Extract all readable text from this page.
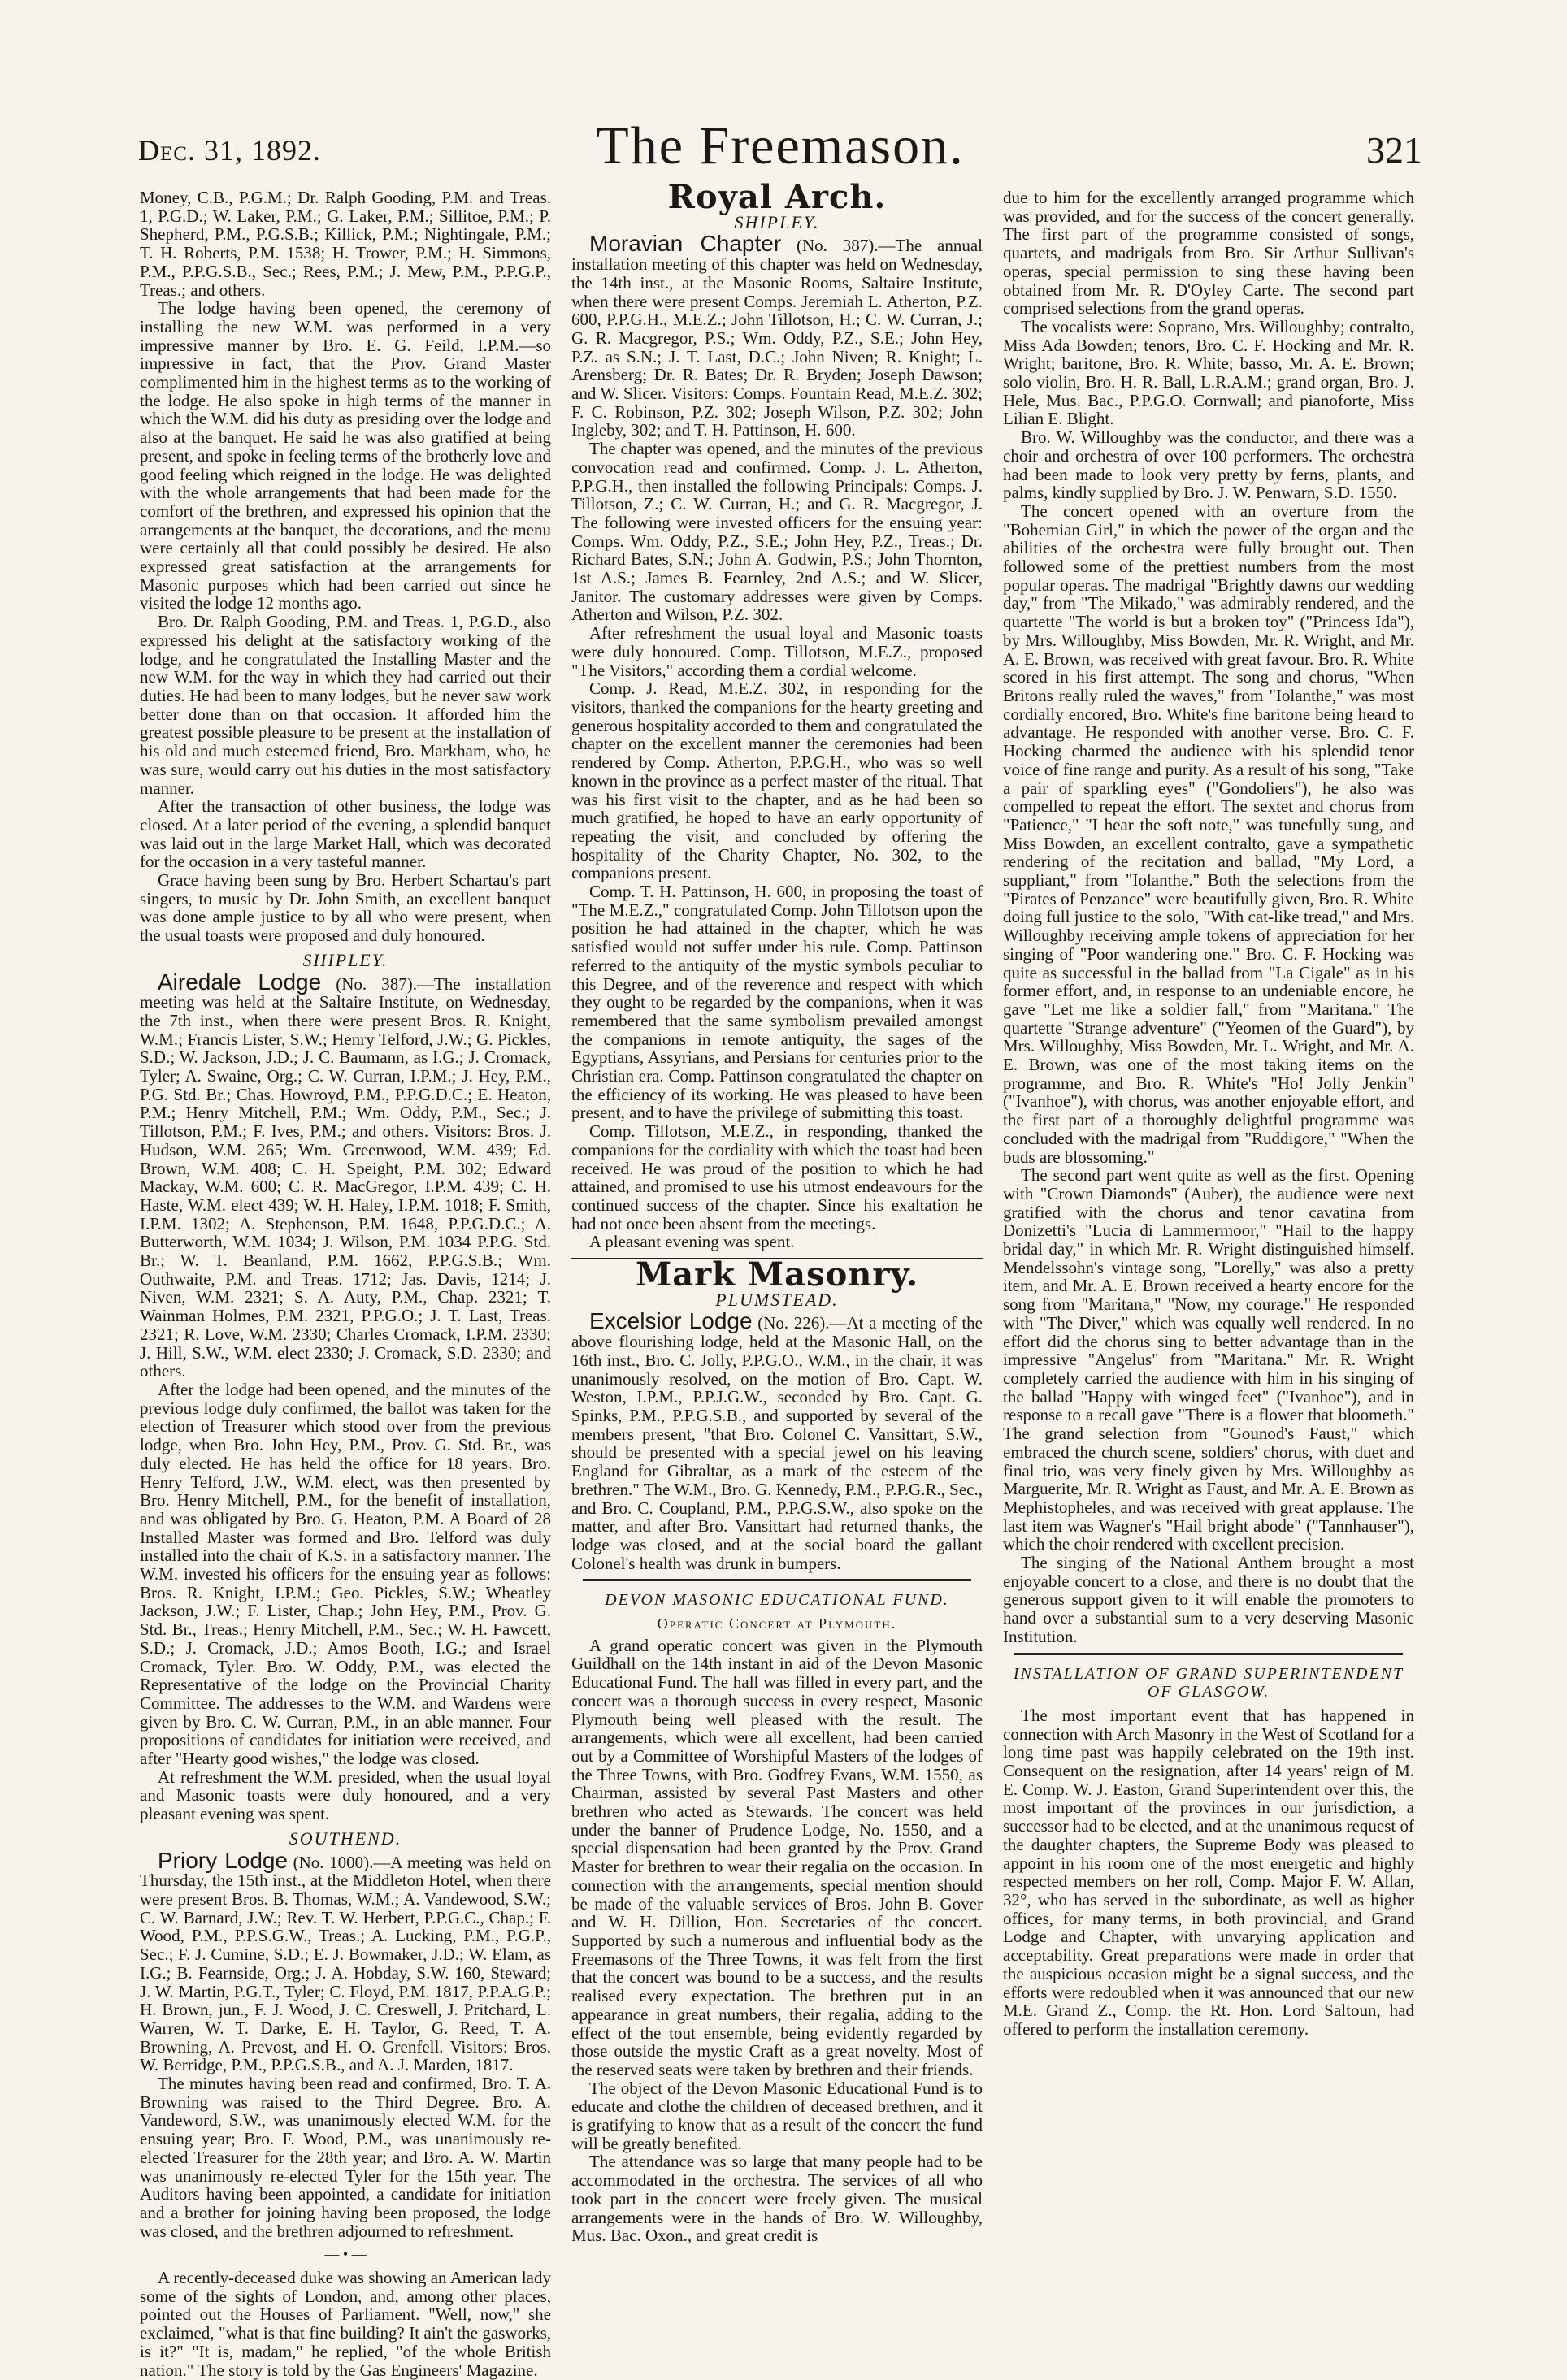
Dec. 31, 1892.	The Freemason.	321

Money, C.B., P.G.M.; Dr. Ralph Gooding, P.M. and Treas. 1, P.G.D.; W. Laker, P.M.; G. Laker, P.M.; Sillitoe, P.M.; P. Shepherd, P.M., P.G.S.B.; Killick, P.M.; Nightingale, P.M.; T. H. Roberts, P.M. 1538; H. Trower, P.M.; H. Simmons, P.M., P.P.G.S.B., Sec.; Rees, P.M.; J. Mew, P.M., P.P.G.P., Treas.; and others.

The lodge having been opened, the ceremony of installing the new W.M. was performed in a very impressive manner by Bro. E. G. Feild, I.P.M.—so impressive in fact, that the Prov. Grand Master complimented him in the highest terms as to the working of the lodge. He also spoke in high terms of the manner in which the W.M. did his duty as presiding over the lodge and also at the banquet. He said he was also gratified at being present, and spoke in feeling terms of the brotherly love and good feeling which reigned in the lodge. He was delighted with the whole arrangements that had been made for the comfort of the brethren, and expressed his opinion that the arrangements at the banquet, the decorations, and the menu were certainly all that could possibly be desired. He also expressed great satisfaction at the arrangements for Masonic purposes which had been carried out since he visited the lodge 12 months ago.

Bro. Dr. Ralph Gooding, P.M. and Treas. 1, P.G.D., also expressed his delight at the satisfactory working of the lodge, and he congratulated the Installing Master and the new W.M. for the way in which they had carried out their duties. He had been to many lodges, but he never saw work better done than on that occasion. It afforded him the greatest possible pleasure to be present at the installation of his old and much esteemed friend, Bro. Markham, who, he was sure, would carry out his duties in the most satisfactory manner.

After the transaction of other business, the lodge was closed. At a later period of the evening, a splendid banquet was laid out in the large Market Hall, which was decorated for the occasion in a very tasteful manner.

Grace having been sung by Bro. Herbert Schartau's part singers, to music by Dr. John Smith, an excellent banquet was done ample justice to by all who were present, when the usual toasts were proposed and duly honoured.

SHIPLEY.

Airedale Lodge (No. 387).—The installation meeting was held at the Saltaire Institute, on Wednesday, the 7th inst., when there were present Bros. R. Knight, W.M.; Francis Lister, S.W.; Henry Telford, J.W.; G. Pickles, S.D.; W. Jackson, J.D.; J. C. Baumann, as I.G.; J. Cromack, Tyler; A. Swaine, Org.; C. W. Curran, I.P.M.; J. Hey, P.M., P.G. Std. Br.; Chas. Howroyd, P.M., P.P.G.D.C.; E. Heaton, P.M.; Henry Mitchell, P.M.; Wm. Oddy, P.M., Sec.; J. Tillotson, P.M.; F. Ives, P.M.; and others. Visitors: Bros. J. Hudson, W.M. 265; Wm. Greenwood, W.M. 439; Ed. Brown, W.M. 408; C. H. Speight, P.M. 302; Edward Mackay, W.M. 600; C. R. MacGregor, I.P.M. 439; C. H. Haste, W.M. elect 439; W. H. Haley, I.P.M. 1018; F. Smith, I.P.M. 1302; A. Stephenson, P.M. 1648, P.P.G.D.C.; A. Butterworth, W.M. 1034; J. Wilson, P.M. 1034 P.P.G. Std. Br.; W. T. Beanland, P.M. 1662, P.P.G.S.B.; Wm. Outhwaite, P.M. and Treas. 1712; Jas. Davis, 1214; J. Niven, W.M. 2321; S. A. Auty, P.M., Chap. 2321; T. Wainman Holmes, P.M. 2321, P.P.G.O.; J. T. Last, Treas. 2321; R. Love, W.M. 2330; Charles Cromack, I.P.M. 2330; J. Hill, S.W., W.M. elect 2330; J. Cromack, S.D. 2330; and others.

After the lodge had been opened, and the minutes of the previous lodge duly confirmed, the ballot was taken for the election of Treasurer which stood over from the previous lodge, when Bro. John Hey, P.M., Prov. G. Std. Br., was duly elected. He has held the office for 18 years. Bro. Henry Telford, J.W., W.M. elect, was then presented by Bro. Henry Mitchell, P.M., for the benefit of installation, and was obligated by Bro. G. Heaton, P.M. A Board of 28 Installed Master was formed and Bro. Telford was duly installed into the chair of K.S. in a satisfactory manner. The W.M. invested his officers for the ensuing year as follows: Bros. R. Knight, I.P.M.; Geo. Pickles, S.W.; Wheatley Jackson, J.W.; F. Lister, Chap.; John Hey, P.M., Prov. G. Std. Br., Treas.; Henry Mitchell, P.M., Sec.; W. H. Fawcett, S.D.; J. Cromack, J.D.; Amos Booth, I.G.; and Israel Cromack, Tyler. Bro. W. Oddy, P.M., was elected the Representative of the lodge on the Provincial Charity Committee. The addresses to the W.M. and Wardens were given by Bro. C. W. Curran, P.M., in an able manner. Four propositions of candidates for initiation were received, and after "Hearty good wishes," the lodge was closed.

At refreshment the W.M. presided, when the usual loyal and Masonic toasts were duly honoured, and a very pleasant evening was spent.

SOUTHEND.

Priory Lodge (No. 1000).—A meeting was held on Thursday, the 15th inst., at the Middleton Hotel, when there were present Bros. B. Thomas, W.M.; A. Vandewood, S.W.; C. W. Barnard, J.W.; Rev. T. W. Herbert, P.P.G.C., Chap.; F. Wood, P.M., P.P.S.G.W., Treas.; A. Lucking, P.M., P.G.P., Sec.; F. J. Cumine, S.D.; E. J. Bowmaker, J.D.; W. Elam, as I.G.; B. Fearnside, Org.; J. A. Hobday, S.W. 160, Steward; J. W. Martin, P.G.T., Tyler; C. Floyd, P.M. 1817, P.P.A.G.P.; H. Brown, jun., F. J. Wood, J. C. Creswell, J. Pritchard, L. Warren, W. T. Darke, E. H. Taylor, G. Reed, T. A. Browning, A. Prevost, and H. O. Grenfell. Visitors: Bros. W. Berridge, P.M., P.P.G.S.B., and A. J. Marden, 1817.

The minutes having been read and confirmed, Bro. T. A. Browning was raised to the Third Degree. Bro. A. Vandeword, S.W., was unanimously elected W.M. for the ensuing year; Bro. F. Wood, P.M., was unanimously re-elected Treasurer for the 28th year; and Bro. A. W. Martin was unanimously re-elected Tyler for the 15th year. The Auditors having been appointed, a candidate for initiation and a brother for joining having been proposed, the lodge was closed, and the brethren adjourned to refreshment.

— • —

A recently-deceased duke was showing an American lady some of the sights of London, and, among other places, pointed out the Houses of Parliament. "Well, now," she exclaimed, "what is that fine building? It ain't the gasworks, is it?" "It is, madam," he replied, "of the whole British nation." The story is told by the Gas Engineers' Magazine.

Royal Arch.
SHIPLEY.

Moravian Chapter (No. 387).—The annual installation meeting of this chapter was held on Wednesday, the 14th inst., at the Masonic Rooms, Saltaire Institute, when there were present Comps. Jeremiah L. Atherton, P.Z. 600, P.P.G.H., M.E.Z.; John Tillotson, H.; C. W. Curran, J.; G. R. Macgregor, P.S.; Wm. Oddy, P.Z., S.E.; John Hey, P.Z. as S.N.; J. T. Last, D.C.; John Niven; R. Knight; L. Arensberg; Dr. R. Bates; Dr. R. Bryden; Joseph Dawson; and W. Slicer. Visitors: Comps. Fountain Read, M.E.Z. 302; F. C. Robinson, P.Z. 302; Joseph Wilson, P.Z. 302; John Ingleby, 302; and T. H. Pattinson, H. 600.

The chapter was opened, and the minutes of the previous convocation read and confirmed. Comp. J. L. Atherton, P.P.G.H., then installed the following Principals: Comps. J. Tillotson, Z.; C. W. Curran, H.; and G. R. Macgregor, J. The following were invested officers for the ensuing year: Comps. Wm. Oddy, P.Z., S.E.; John Hey, P.Z., Treas.; Dr. Richard Bates, S.N.; John A. Godwin, P.S.; John Thornton, 1st A.S.; James B. Fearnley, 2nd A.S.; and W. Slicer, Janitor. The customary addresses were given by Comps. Atherton and Wilson, P.Z. 302.

After refreshment the usual loyal and Masonic toasts were duly honoured. Comp. Tillotson, M.E.Z., proposed "The Visitors," according them a cordial welcome.

Comp. J. Read, M.E.Z. 302, in responding for the visitors, thanked the companions for the hearty greeting and generous hospitality accorded to them and congratulated the chapter on the excellent manner the ceremonies had been rendered by Comp. Atherton, P.P.G.H., who was so well known in the province as a perfect master of the ritual. That was his first visit to the chapter, and as he had been so much gratified, he hoped to have an early opportunity of repeating the visit, and concluded by offering the hospitality of the Charity Chapter, No. 302, to the companions present.

Comp. T. H. Pattinson, H. 600, in proposing the toast of "The M.E.Z.," congratulated Comp. John Tillotson upon the position he had attained in the chapter, which he was satisfied would not suffer under his rule. Comp. Pattinson referred to the antiquity of the mystic symbols peculiar to this Degree, and of the reverence and respect with which they ought to be regarded by the companions, when it was remembered that the same symbolism prevailed amongst the companions in remote antiquity, the sages of the Egyptians, Assyrians, and Persians for centuries prior to the Christian era. Comp. Pattinson congratulated the chapter on the efficiency of its working. He was pleased to have been present, and to have the privilege of submitting this toast.

Comp. Tillotson, M.E.Z., in responding, thanked the companions for the cordiality with which the toast had been received. He was proud of the position to which he had attained, and promised to use his utmost endeavours for the continued success of the chapter. Since his exaltation he had not once been absent from the meetings.

A pleasant evening was spent.

Mark Masonry.
PLUMSTEAD.

Excelsior Lodge (No. 226).—At a meeting of the above flourishing lodge, held at the Masonic Hall, on the 16th inst., Bro. C. Jolly, P.P.G.O., W.M., in the chair, it was unanimously resolved, on the motion of Bro. Capt. W. Weston, I.P.M., P.P.J.G.W., seconded by Bro. Capt. G. Spinks, P.M., P.P.G.S.B., and supported by several of the members present, "that Bro. Colonel C. Vansittart, S.W., should be presented with a special jewel on his leaving England for Gibraltar, as a mark of the esteem of the brethren." The W.M., Bro. G. Kennedy, P.M., P.P.G.R., Sec., and Bro. C. Coupland, P.M., P.P.G.S.W., also spoke on the matter, and after Bro. Vansittart had returned thanks, the lodge was closed, and at the social board the gallant Colonel's health was drunk in bumpers.

DEVON MASONIC EDUCATIONAL FUND.
Operatic Concert at Plymouth.

A grand operatic concert was given in the Plymouth Guildhall on the 14th instant in aid of the Devon Masonic Educational Fund. The hall was filled in every part, and the concert was a thorough success in every respect, Masonic Plymouth being well pleased with the result. The arrangements, which were all excellent, had been carried out by a Committee of Worshipful Masters of the lodges of the Three Towns, with Bro. Godfrey Evans, W.M. 1550, as Chairman, assisted by several Past Masters and other brethren who acted as Stewards. The concert was held under the banner of Prudence Lodge, No. 1550, and a special dispensation had been granted by the Prov. Grand Master for brethren to wear their regalia on the occasion. In connection with the arrangements, special mention should be made of the valuable services of Bros. John B. Gover and W. H. Dillion, Hon. Secretaries of the concert. Supported by such a numerous and influential body as the Freemasons of the Three Towns, it was felt from the first that the concert was bound to be a success, and the results realised every expectation. The brethren put in an appearance in great numbers, their regalia, adding to the effect of the tout ensemble, being evidently regarded by those outside the mystic Craft as a great novelty. Most of the reserved seats were taken by brethren and their friends.

The object of the Devon Masonic Educational Fund is to educate and clothe the children of deceased brethren, and it is gratifying to know that as a result of the concert the fund will be greatly benefited.

The attendance was so large that many people had to be accommodated in the orchestra. The services of all who took part in the concert were freely given. The musical arrangements were in the hands of Bro. W. Willoughby, Mus. Bac. Oxon., and great credit is

due to him for the excellently arranged programme which was provided, and for the success of the concert generally. The first part of the programme consisted of songs, quartets, and madrigals from Bro. Sir Arthur Sullivan's operas, special permission to sing these having been obtained from Mr. R. D'Oyley Carte. The second part comprised selections from the grand operas.

The vocalists were: Soprano, Mrs. Willoughby; contralto, Miss Ada Bowden; tenors, Bro. C. F. Hocking and Mr. R. Wright; baritone, Bro. R. White; basso, Mr. A. E. Brown; solo violin, Bro. H. R. Ball, L.R.A.M.; grand organ, Bro. J. Hele, Mus. Bac., P.P.G.O. Cornwall; and pianoforte, Miss Lilian E. Blight.

Bro. W. Willoughby was the conductor, and there was a choir and orchestra of over 100 performers. The orchestra had been made to look very pretty by ferns, plants, and palms, kindly supplied by Bro. J. W. Penwarn, S.D. 1550.

The concert opened with an overture from the "Bohemian Girl," in which the power of the organ and the abilities of the orchestra were fully brought out. Then followed some of the prettiest numbers from the most popular operas. The madrigal "Brightly dawns our wedding day," from "The Mikado," was admirably rendered, and the quartette "The world is but a broken toy" ("Princess Ida"), by Mrs. Willoughby, Miss Bowden, Mr. R. Wright, and Mr. A. E. Brown, was received with great favour. Bro. R. White scored in his first attempt. The song and chorus, "When Britons really ruled the waves," from "Iolanthe," was most cordially encored, Bro. White's fine baritone being heard to advantage. He responded with another verse. Bro. C. F. Hocking charmed the audience with his splendid tenor voice of fine range and purity. As a result of his song, "Take a pair of sparkling eyes" ("Gondoliers"), he also was compelled to repeat the effort. The sextet and chorus from "Patience," "I hear the soft note," was tunefully sung, and Miss Bowden, an excellent contralto, gave a sympathetic rendering of the recitation and ballad, "My Lord, a suppliant," from "Iolanthe." Both the selections from the "Pirates of Penzance" were beautifully given, Bro. R. White doing full justice to the solo, "With cat-like tread," and Mrs. Willoughby receiving ample tokens of appreciation for her singing of "Poor wandering one." Bro. C. F. Hocking was quite as successful in the ballad from "La Cigale" as in his former effort, and, in response to an undeniable encore, he gave "Let me like a soldier fall," from "Maritana." The quartette "Strange adventure" ("Yeomen of the Guard"), by Mrs. Willoughby, Miss Bowden, Mr. L. Wright, and Mr. A. E. Brown, was one of the most taking items on the programme, and Bro. R. White's "Ho! Jolly Jenkin" ("Ivanhoe"), with chorus, was another enjoyable effort, and the first part of a thoroughly delightful programme was concluded with the madrigal from "Ruddigore," "When the buds are blossoming."

The second part went quite as well as the first. Opening with "Crown Diamonds" (Auber), the audience were next gratified with the chorus and tenor cavatina from Donizetti's "Lucia di Lammermoor," "Hail to the happy bridal day," in which Mr. R. Wright distinguished himself. Mendelssohn's vintage song, "Lorelly," was also a pretty item, and Mr. A. E. Brown received a hearty encore for the song from "Maritana," "Now, my courage." He responded with "The Diver," which was equally well rendered. In no effort did the chorus sing to better advantage than in the impressive "Angelus" from "Maritana." Mr. R. Wright completely carried the audience with him in his singing of the ballad "Happy with winged feet" ("Ivanhoe"), and in response to a recall gave "There is a flower that bloometh." The grand selection from "Gounod's Faust," which embraced the church scene, soldiers' chorus, with duet and final trio, was very finely given by Mrs. Willoughby as Marguerite, Mr. R. Wright as Faust, and Mr. A. E. Brown as Mephistopheles, and was received with great applause. The last item was Wagner's "Hail bright abode" ("Tannhauser"), which the choir rendered with excellent precision.

The singing of the National Anthem brought a most enjoyable concert to a close, and there is no doubt that the generous support given to it will enable the promoters to hand over a substantial sum to a very deserving Masonic Institution.

INSTALLATION OF GRAND SUPERINTENDENT OF GLASGOW.

The most important event that has happened in connection with Arch Masonry in the West of Scotland for a long time past was happily celebrated on the 19th inst. Consequent on the resignation, after 14 years' reign of M. E. Comp. W. J. Easton, Grand Superintendent over this, the most important of the provinces in our jurisdiction, a successor had to be elected, and at the unanimous request of the daughter chapters, the Supreme Body was pleased to appoint in his room one of the most energetic and highly respected members on her roll, Comp. Major F. W. Allan, 32°, who has served in the subordinate, as well as higher offices, for many terms, in both provincial, and Grand Lodge and Chapter, with unvarying application and acceptability. Great preparations were made in order that the auspicious occasion might be a signal success, and the efforts were redoubled when it was announced that our new M.E. Grand Z., Comp. the Rt. Hon. Lord Saltoun, had offered to perform the installation ceremony.
